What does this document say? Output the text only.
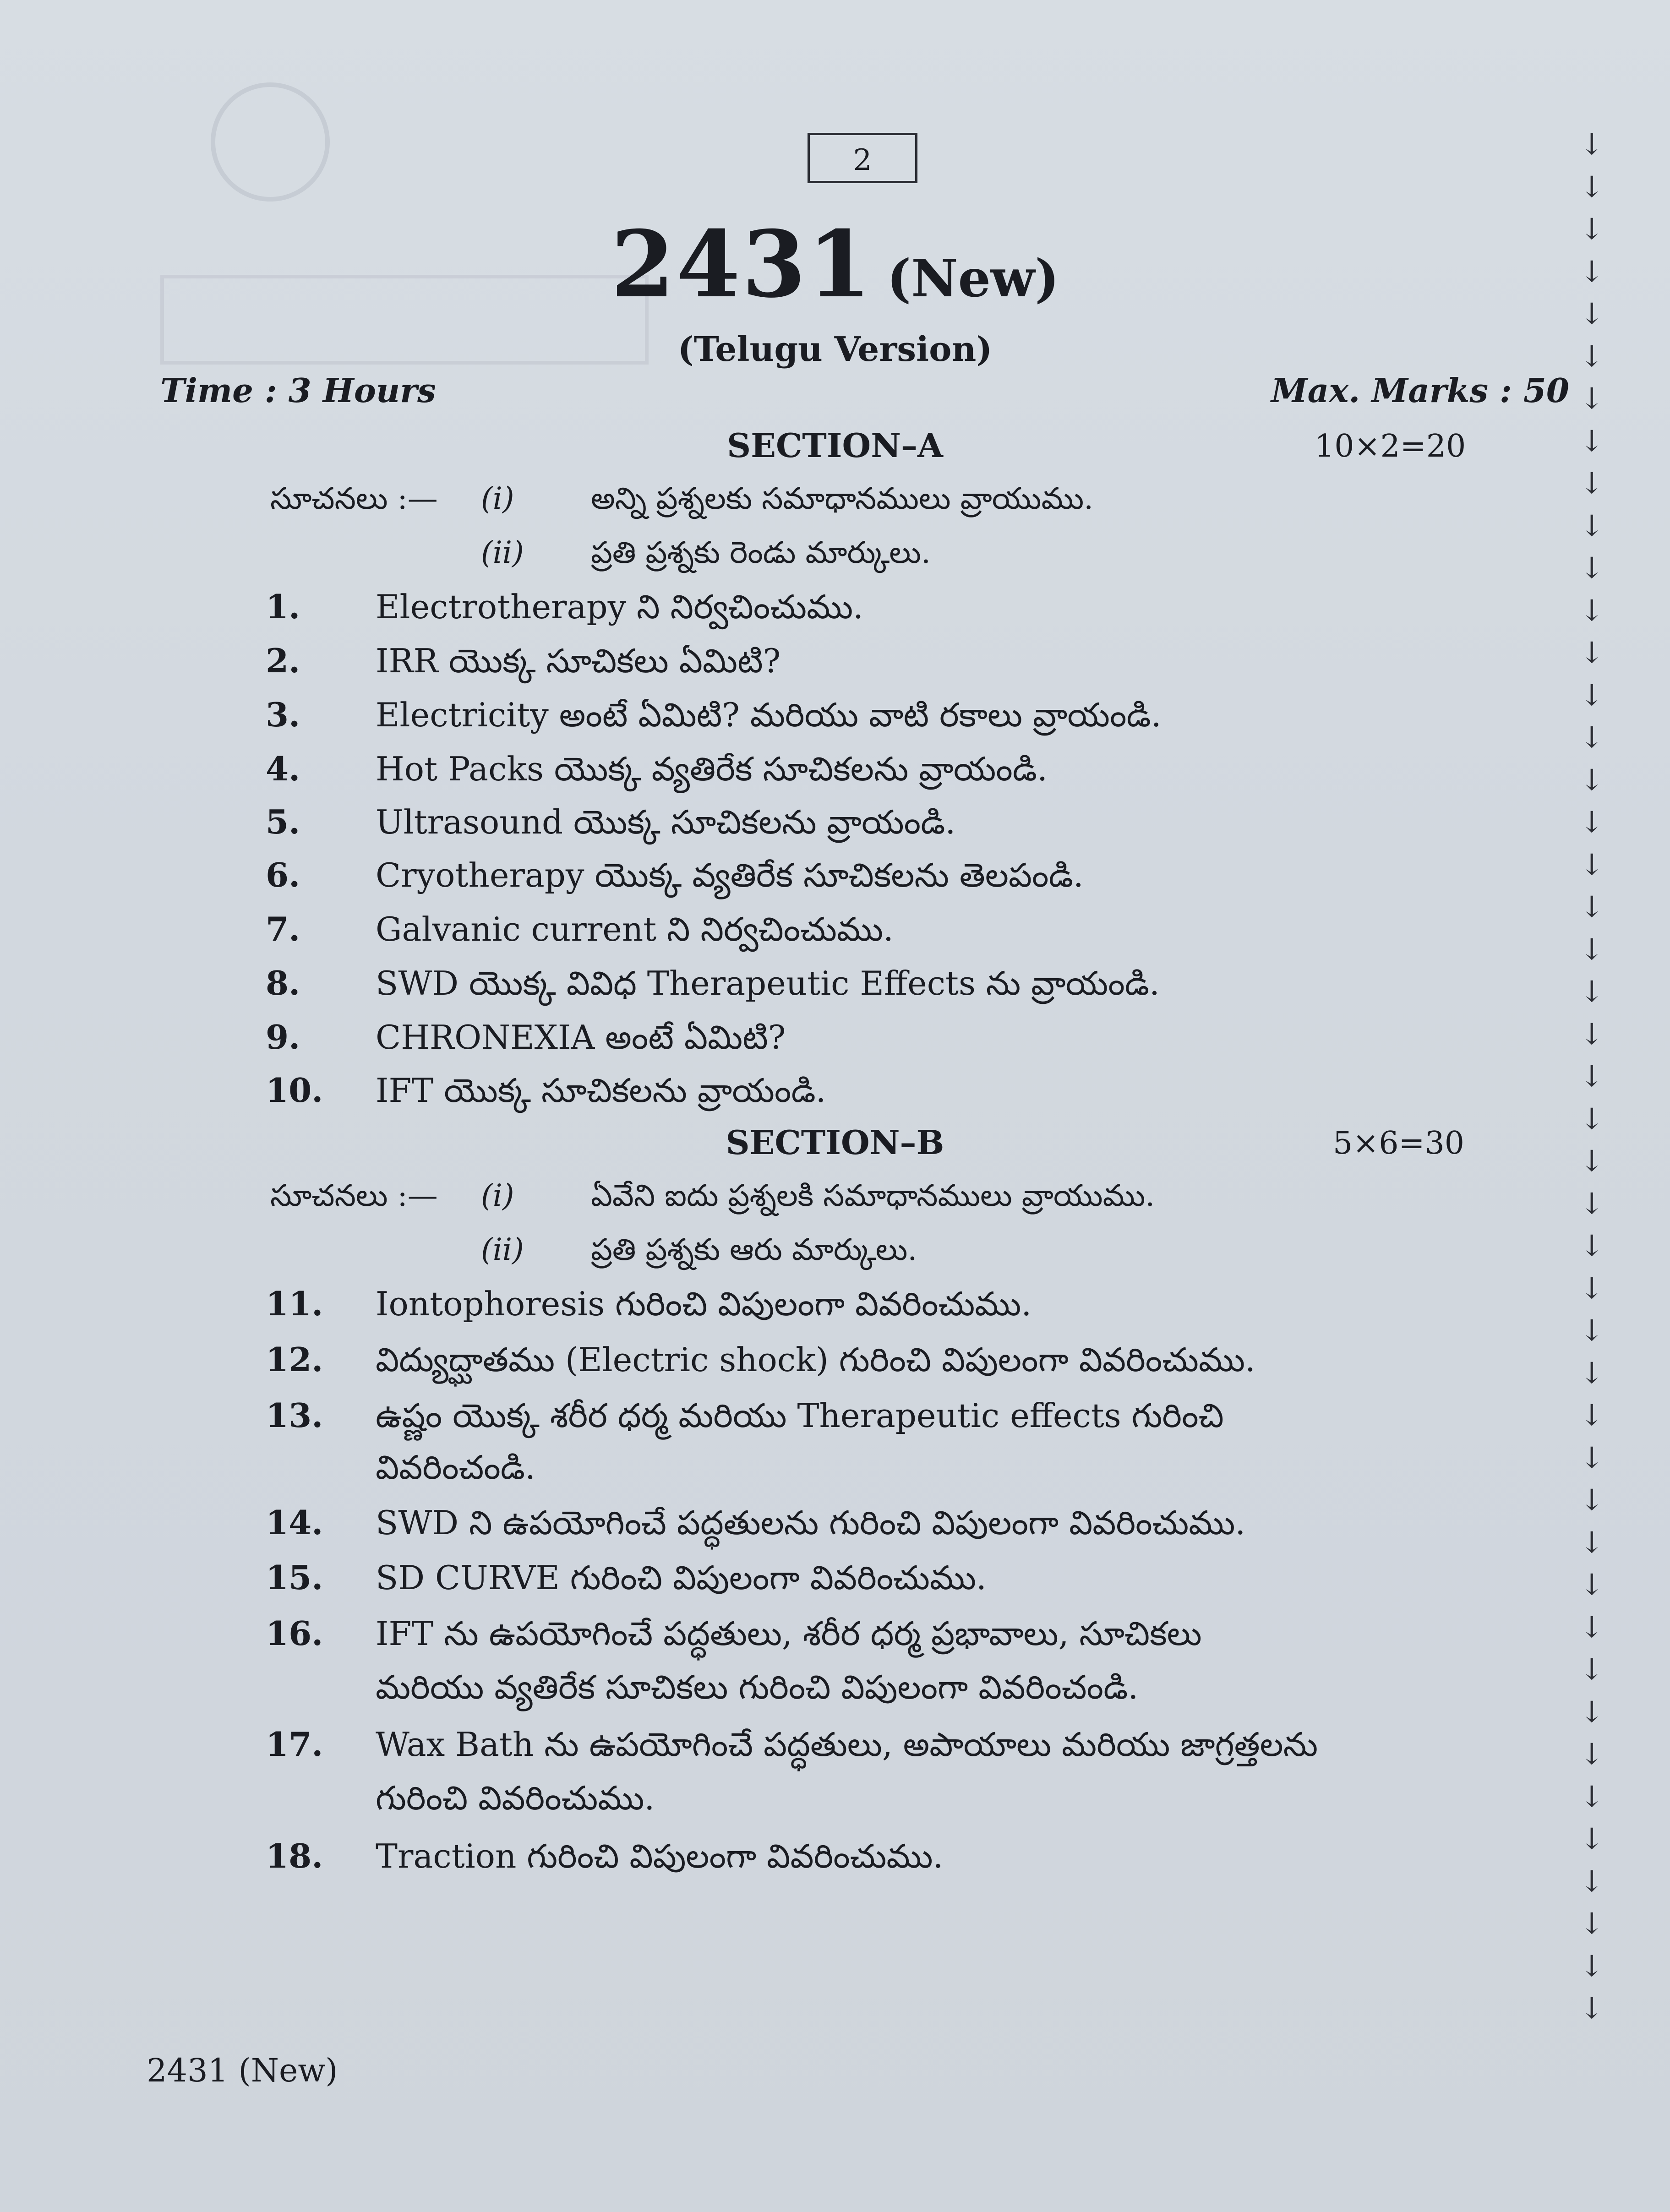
2
2431 (New)
(Telugu Version)
Time : 3 Hours	Max. Marks : 50
SECTION–A	10×2=20
సూచనలు :— (i)	అన్ని ప్రశ్నలకు సమాధానములు వ్రాయుము.
(ii) ప్రతి ప్రశ్నకు రెండు మార్కులు.
1. Electrotherapy ని నిర్వచించుము.
2. IRR యొక్క సూచికలు ఏమిటి?
3. Electricity అంటే ఏమిటి? మరియు వాటి రకాలు వ్రాయండి.
4. Hot Packs యొక్క వ్యతిరేక సూచికలను వ్రాయండి.
5. Ultrasound యొక్క సూచికలను వ్రాయండి.
6. Cryotherapy యొక్క వ్యతిరేక సూచికలను తెలపండి.
7. Galvanic current ని నిర్వచించుము.
8. SWD యొక్క వివిధ Therapeutic Effects ను వ్రాయండి.
9. CHRONEXIA అంటే ఏమిటి?
10. IFT యొక్క సూచికలను వ్రాయండి.
SECTION–B	5×6=30
సూచనలు :— (i)	ఏవేని ఐదు ప్రశ్నలకి సమాధానములు వ్రాయుము.
(ii) ప్రతి ప్రశ్నకు ఆరు మార్కులు.
11. Iontophoresis గురించి విపులంగా వివరించుము.
12. విద్యుద్ఘాతము (Electric shock) గురించి విపులంగా వివరించుము.
13. ఉష్ణం యొక్క శరీర ధర్మ మరియు Therapeutic effects గురించి
వివరించండి.
14. SWD ని ఉపయోగించే పద్ధతులను గురించి విపులంగా వివరించుము.
15. SD CURVE గురించి విపులంగా వివరించుము.
16. IFT ను ఉపయోగించే పద్ధతులు, శరీర ధర్మ ప్రభావాలు, సూచికలు
మరియు వ్యతిరేక సూచికలు గురించి విపులంగా వివరించండి.
17. Wax Bath ను ఉపయోగించే పద్ధతులు, అపాయాలు మరియు జాగ్రత్తలను
గురించి వివరించుము.
18. Traction గురించి విపులంగా వివరించుము.
↓
↓
↓
↓
↓
↓
↓
↓
↓
↓
↓
↓
↓
↓
↓
↓
↓
↓
↓
↓
↓
↓
↓
↓
↓
↓
↓
↓
↓
↓
↓
↓
↓
↓
↓
↓
↓
↓
↓
↓
↓
↓
↓
↓
↓
2431 (New)
